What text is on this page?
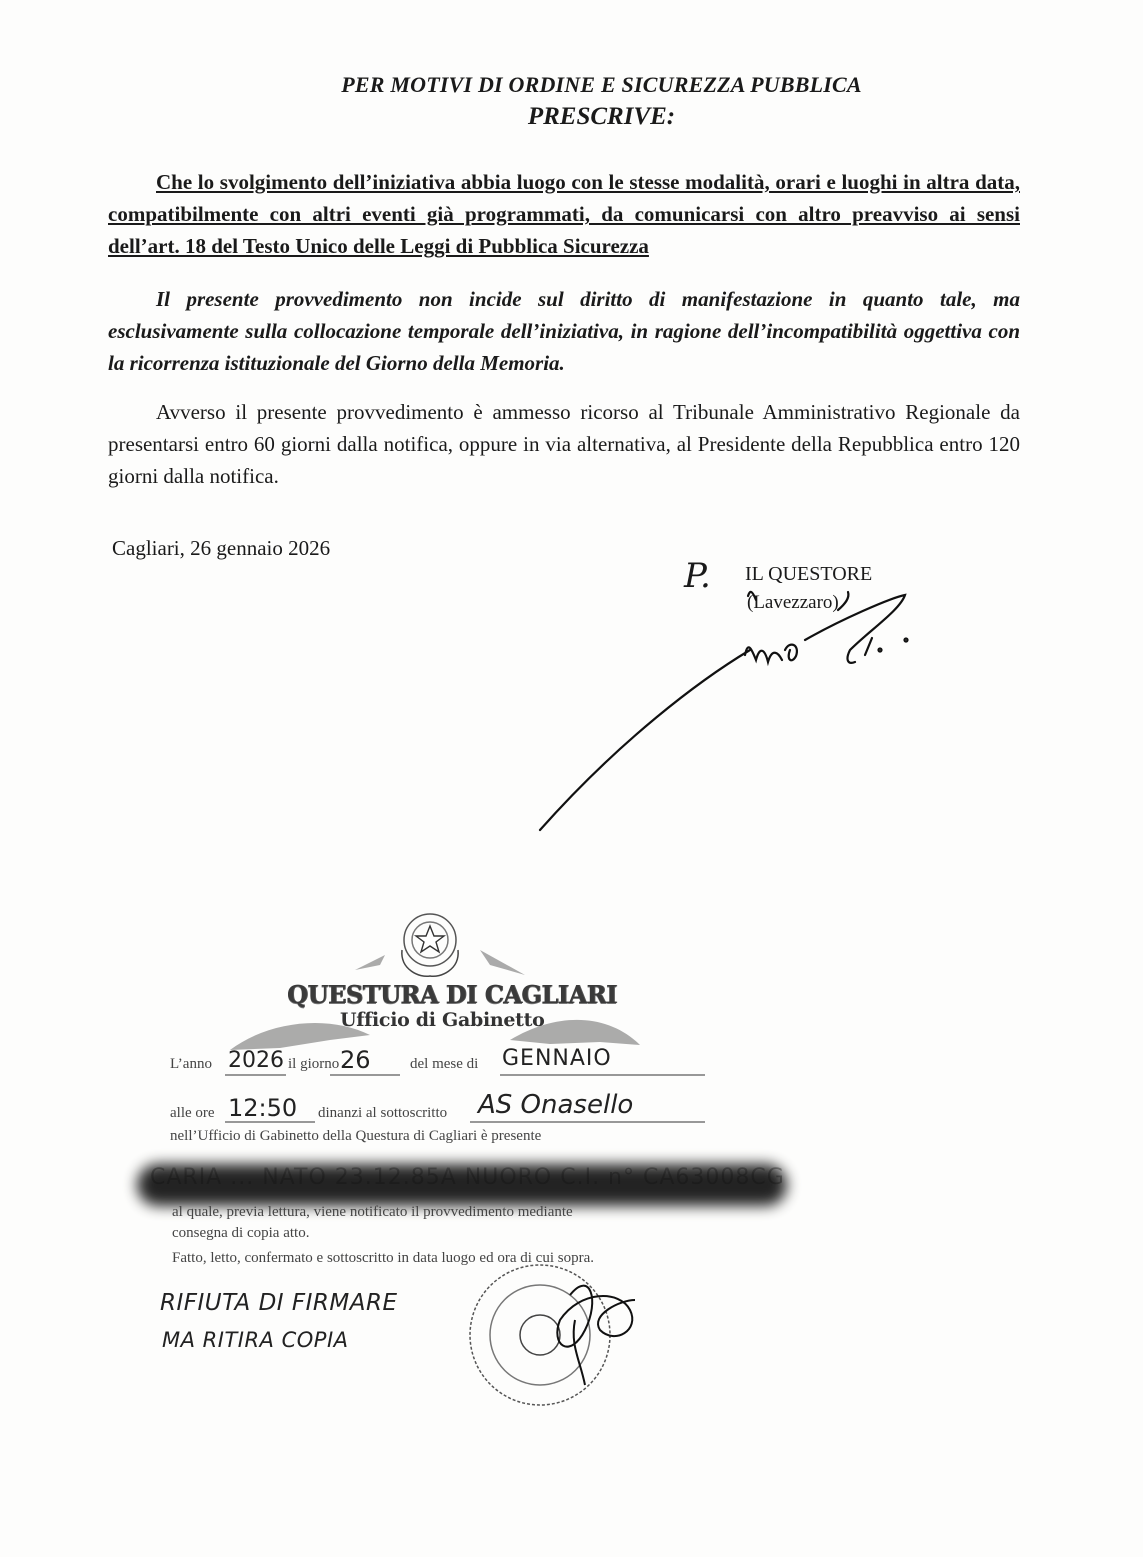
PER MOTIVI DI ORDINE E SICUREZZA PUBBLICA
PRESCRIVE:
Che lo svolgimento dell’iniziativa abbia luogo con le stesse modalità, orari e luoghi in altra data, compatibilmente con altri eventi già programmati, da comunicarsi con altro preavviso ai sensi dell’art. 18 del Testo Unico delle Leggi di Pubblica Sicurezza
Il presente provvedimento non incide sul diritto di manifestazione in quanto tale, ma esclusivamente sulla collocazione temporale dell’iniziativa, in ragione dell’incompatibilità oggettiva con la ricorrenza istituzionale del Giorno della Memoria.
Avverso il presente provvedimento è ammesso ricorso al Tribunale Amministrativo Regionale da presentarsi entro 60 giorni dalla notifica, oppure in via alternativa, al Presidente della Repubblica entro 120 giorni dalla notifica.
Cagliari, 26 gennaio 2026
P. IL QUESTORE
(Lavezzaro)
QUESTURA DI CAGLIARI
Ufficio di Gabinetto
L’anno 2026 il giorno 26	del mese di GENNAIO
alle ore 12:50 dinanzi al sottoscritto AS Onasello
nell’Ufficio di Gabinetto della Questura di Cagliari è presente
al quale, previa lettura, viene notificato il provvedimento mediante
consegna di copia atto.
Fatto, letto, confermato e sottoscritto in data luogo ed ora di cui sopra.
RIFIUTA DI FIRMARE
MA RITIRA COPIA
